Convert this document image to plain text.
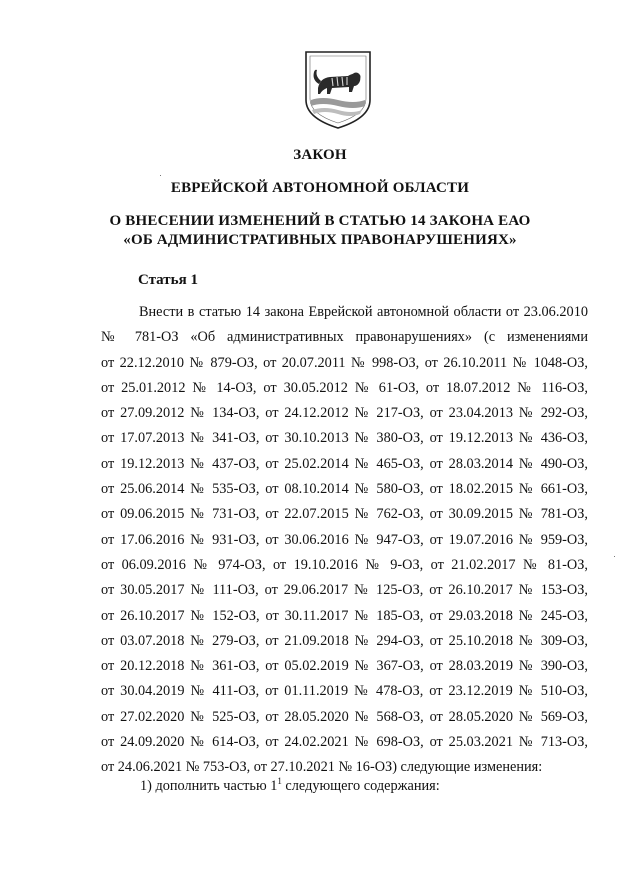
ЗАКОН
ЕВРЕЙСКОЙ АВТОНОМНОЙ ОБЛАСТИ
О ВНЕСЕНИИ ИЗМЕНЕНИЙ В СТАТЬЮ 14 ЗАКОНА ЕАО
«ОБ АДМИНИСТРАТИВНЫХ ПРАВОНАРУШЕНИЯХ»
Статья 1
Внести в статью 14 закона Еврейской автономной области от 23.06.2010
№ 781-ОЗ «Об административных правонарушениях» (с изменениями
от 22.12.2010 № 879-ОЗ, от 20.07.2011 № 998-ОЗ, от 26.10.2011 № 1048-ОЗ,
от 25.01.2012 № 14-ОЗ, от 30.05.2012 № 61-ОЗ, от 18.07.2012 № 116-ОЗ,
от 27.09.2012 № 134-ОЗ, от 24.12.2012 № 217-ОЗ, от 23.04.2013 № 292-ОЗ,
от 17.07.2013 № 341-ОЗ, от 30.10.2013 № 380-ОЗ, от 19.12.2013 № 436-ОЗ,
от 19.12.2013 № 437-ОЗ, от 25.02.2014 № 465-ОЗ, от 28.03.2014 № 490-ОЗ,
от 25.06.2014 № 535-ОЗ, от 08.10.2014 № 580-ОЗ, от 18.02.2015 № 661-ОЗ,
от 09.06.2015 № 731-ОЗ, от 22.07.2015 № 762-ОЗ, от 30.09.2015 № 781-ОЗ,
от 17.06.2016 № 931-ОЗ, от 30.06.2016 № 947-ОЗ, от 19.07.2016 № 959-ОЗ,
от 06.09.2016 № 974-ОЗ, от 19.10.2016 № 9-ОЗ, от 21.02.2017 № 81-ОЗ,
от 30.05.2017 № 111-ОЗ, от 29.06.2017 № 125-ОЗ, от 26.10.2017 № 153-ОЗ,
от 26.10.2017 № 152-ОЗ, от 30.11.2017 № 185-ОЗ, от 29.03.2018 № 245-ОЗ,
от 03.07.2018 № 279-ОЗ, от 21.09.2018 № 294-ОЗ, от 25.10.2018 № 309-ОЗ,
от 20.12.2018 № 361-ОЗ, от 05.02.2019 № 367-ОЗ, от 28.03.2019 № 390-ОЗ,
от 30.04.2019 № 411-ОЗ, от 01.11.2019 № 478-ОЗ, от 23.12.2019 № 510-ОЗ,
от 27.02.2020 № 525-ОЗ, от 28.05.2020 № 568-ОЗ, от 28.05.2020 № 569-ОЗ,
от 24.09.2020 № 614-ОЗ, от 24.02.2021 № 698-ОЗ, от 25.03.2021 № 713-ОЗ,
от 24.06.2021 № 753-ОЗ, от 27.10.2021 № 16-ОЗ) следующие изменения:
1) дополнить частью $1^1$ следующего содержания:
